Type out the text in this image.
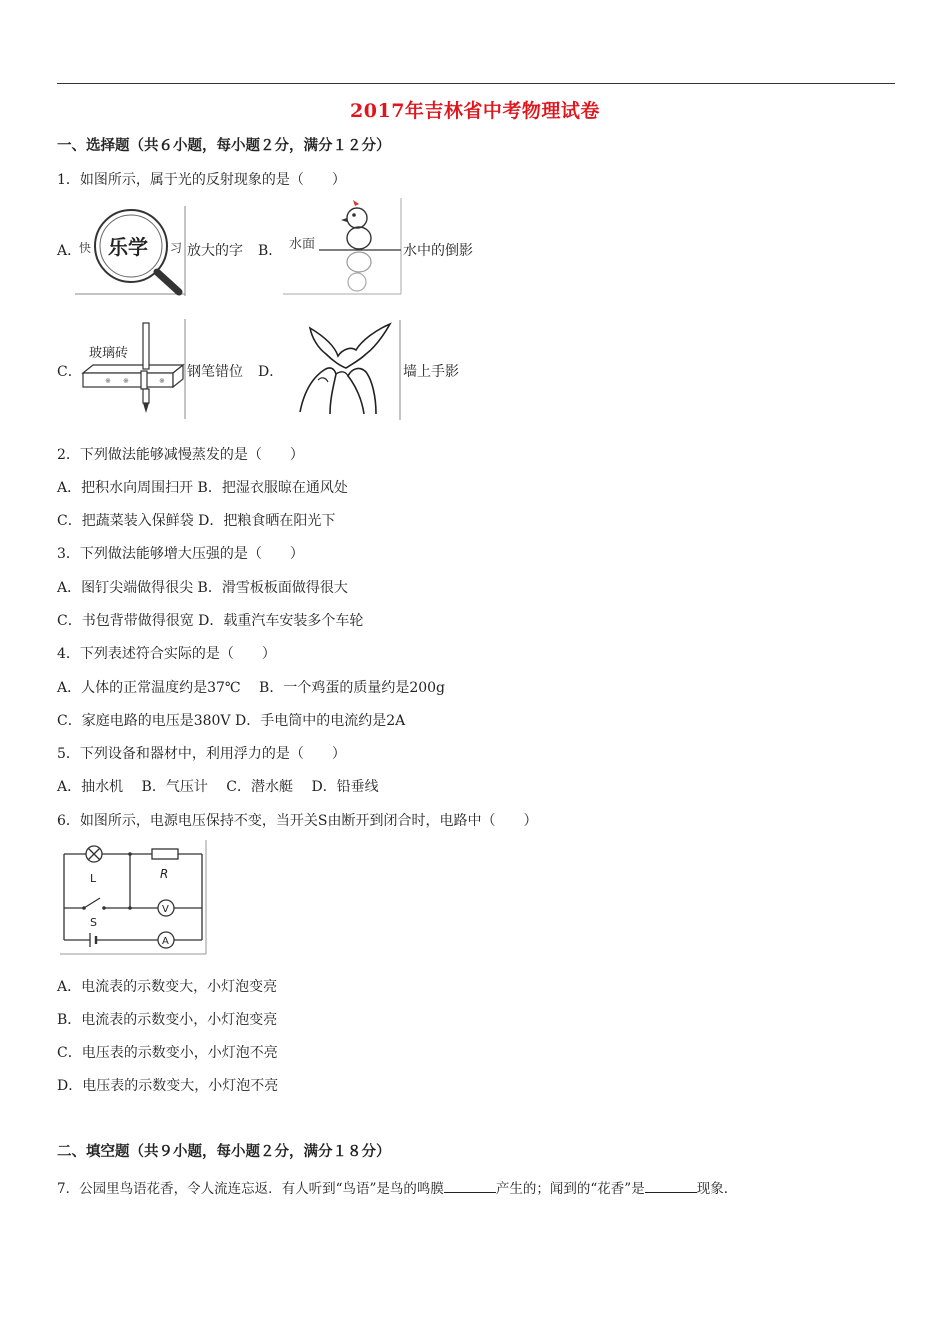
2017年吉林省中考物理试卷
一、选择题（共６小题，每小题２分，满分１２分）
1．如图所示，属于光的反射现象的是（　　）
A．
快 乐学 习 放大的字 B． 水面	水中的倒影
C．
玻璃砖
※ ※	※
钢笔错位 D．	墙上手影
2．下列做法能够减慢蒸发的是（　　）
A．把积水向周围扫开 B．把湿衣服晾在通风处
C．把蔬菜装入保鲜袋 D．把粮食晒在阳光下
3．下列做法能够增大压强的是（　　）
A．图钉尖端做得很尖 B．滑雪板板面做得很大
C．书包背带做得很宽 D．载重汽车安装多个车轮
4．下列表述符合实际的是（　　）
A．人体的正常温度约是37℃　 B．一个鸡蛋的质量约是200g
C．家庭电路的电压是380V D．手电筒中的电流约是2A
5．下列设备和器材中，利用浮力的是（　　）
A．抽水机　 B．气压计　 C．潜水艇　 D．铅垂线
6．如图所示，电源电压保持不变，当开关S由断开到闭合时，电路中（　　）
L	R
S
V
A
A．电流表的示数变大，小灯泡变亮
B．电流表的示数变小，小灯泡变亮
C．电压表的示数变小，小灯泡不亮
D．电压表的示数变大，小灯泡不亮
二、填空题（共９小题，每小题２分，满分１８分）
7．公园里鸟语花香，令人流连忘返．有人听到“鸟语”是鸟的鸣膜	产生的；闻到的“花香”是	现象．
